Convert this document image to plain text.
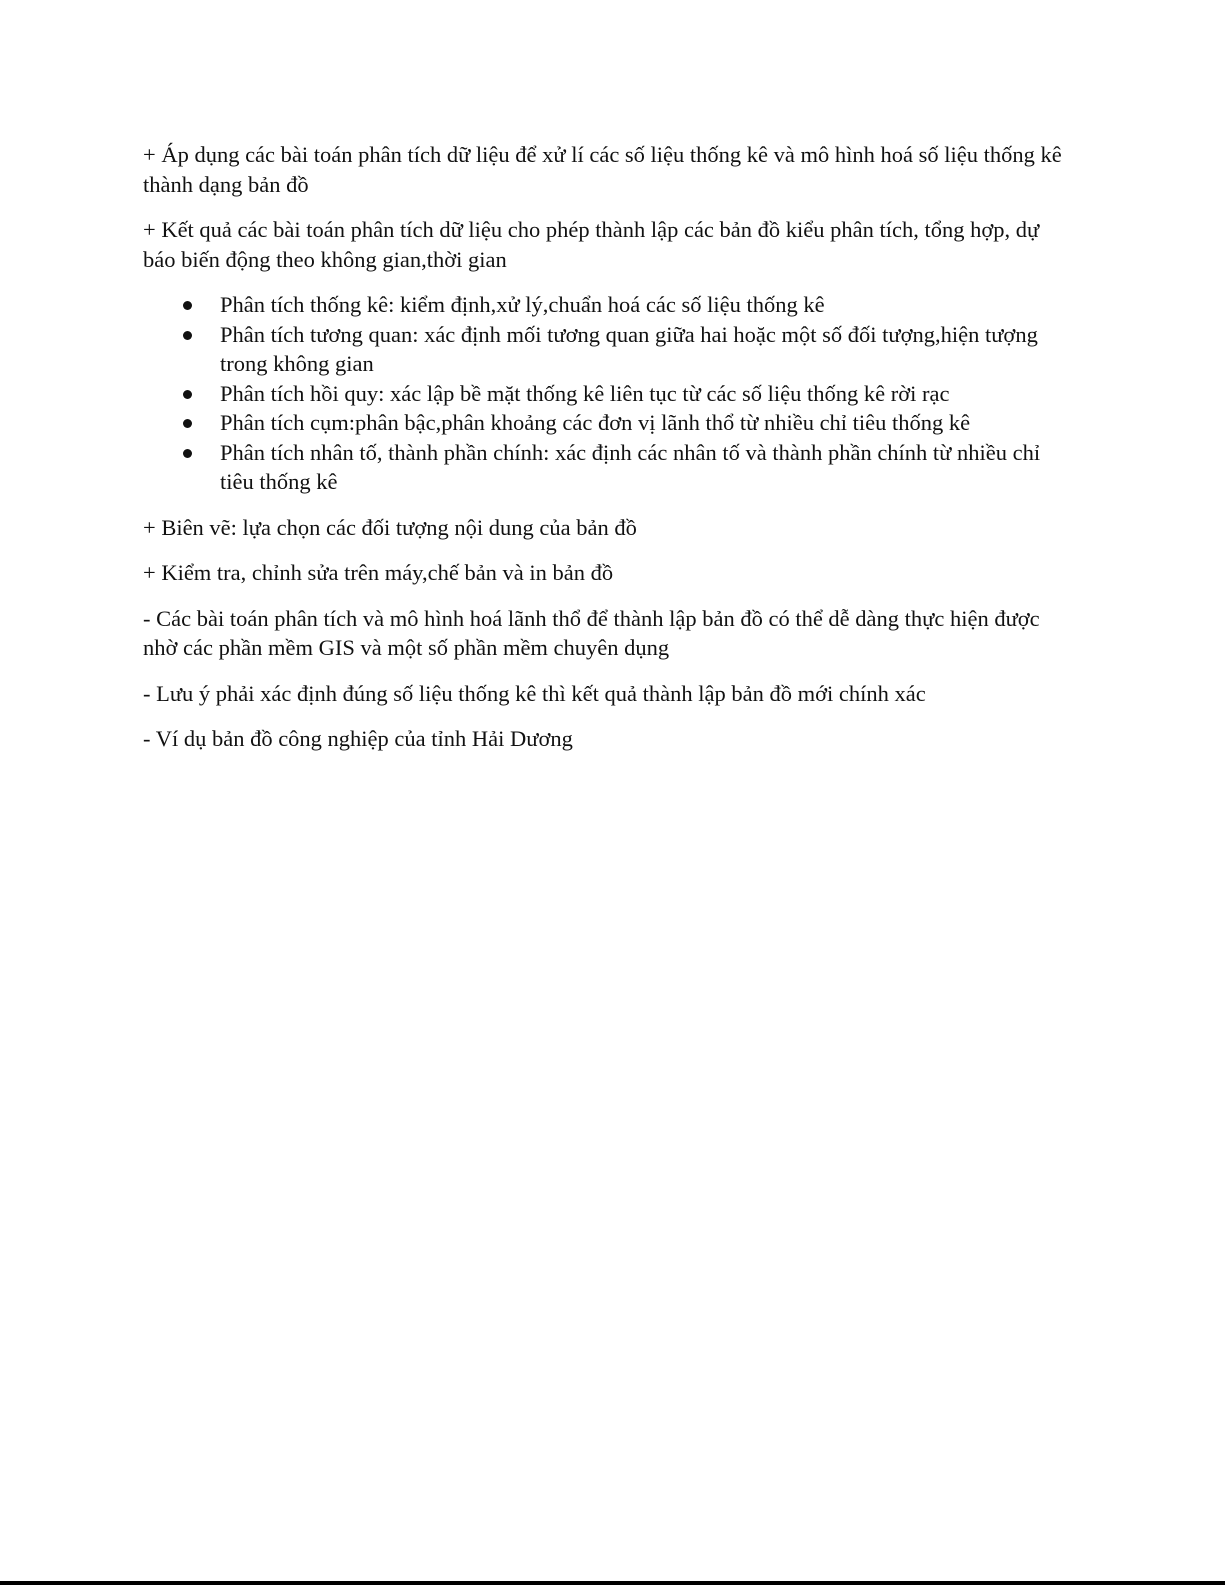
+ Áp dụng các bài toán phân tích dữ liệu để xử lí các số liệu thống kê và mô hình hoá số liệu thống kê thành dạng bản đồ

+ Kết quả các bài toán phân tích dữ liệu cho phép thành lập các bản đồ kiểu phân tích, tổng hợp, dự báo biến động theo không gian,thời gian

Phân tích thống kê: kiểm định,xử lý,chuẩn hoá các số liệu thống kê
Phân tích tương quan: xác định mối tương quan giữa hai hoặc một số đối tượng,hiện tượng trong không gian
Phân tích hồi quy: xác lập bề mặt thống kê liên tục từ các số liệu thống kê rời rạc
Phân tích cụm:phân bậc,phân khoảng các đơn vị lãnh thổ từ nhiều chỉ tiêu thống kê
Phân tích nhân tố, thành phần chính: xác định các nhân tố và thành phần chính từ nhiều chỉ tiêu thống kê

+ Biên vẽ: lựa chọn các đối tượng nội dung của bản đồ

+ Kiểm tra, chỉnh sửa trên máy,chế bản và in bản đồ

- Các bài toán phân tích và mô hình hoá lãnh thổ để thành lập bản đồ có thể dễ dàng thực hiện được nhờ các phần mềm GIS và một số phần mềm chuyên dụng

- Lưu ý phải xác định đúng số liệu thống kê thì kết quả thành lập bản đồ mới chính xác

- Ví dụ bản đồ công nghiệp của tỉnh Hải Dương
